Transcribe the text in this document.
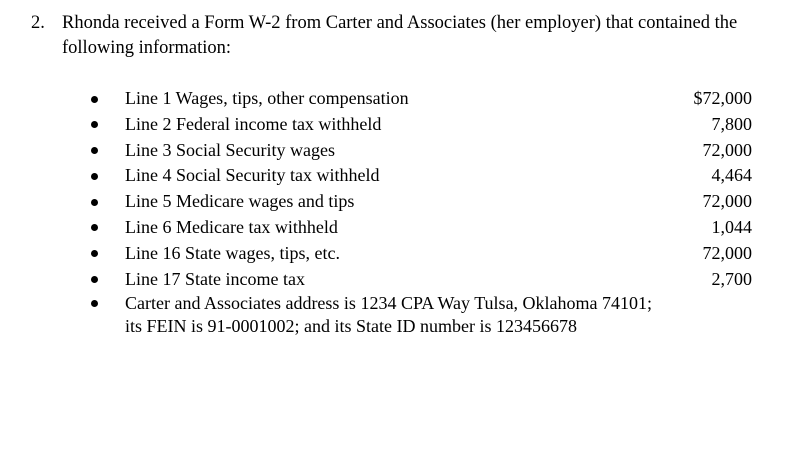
2. Rhonda received a Form W-2 from Carter and Associates (her employer) that contained the following information:
Line 1 Wages, tips, other compensation	$72,000
Line 2 Federal income tax withheld	7,800
Line 3 Social Security wages	72,000
Line 4 Social Security tax withheld	4,464
Line 5 Medicare wages and tips	72,000
Line 6 Medicare tax withheld	1,044
Line 16 State wages, tips, etc.	72,000
Line 17 State income tax	2,700
Carter and Associates address is 1234 CPA Way Tulsa, Oklahoma 74101; its FEIN is 91-0001002; and its State ID number is 123456678
